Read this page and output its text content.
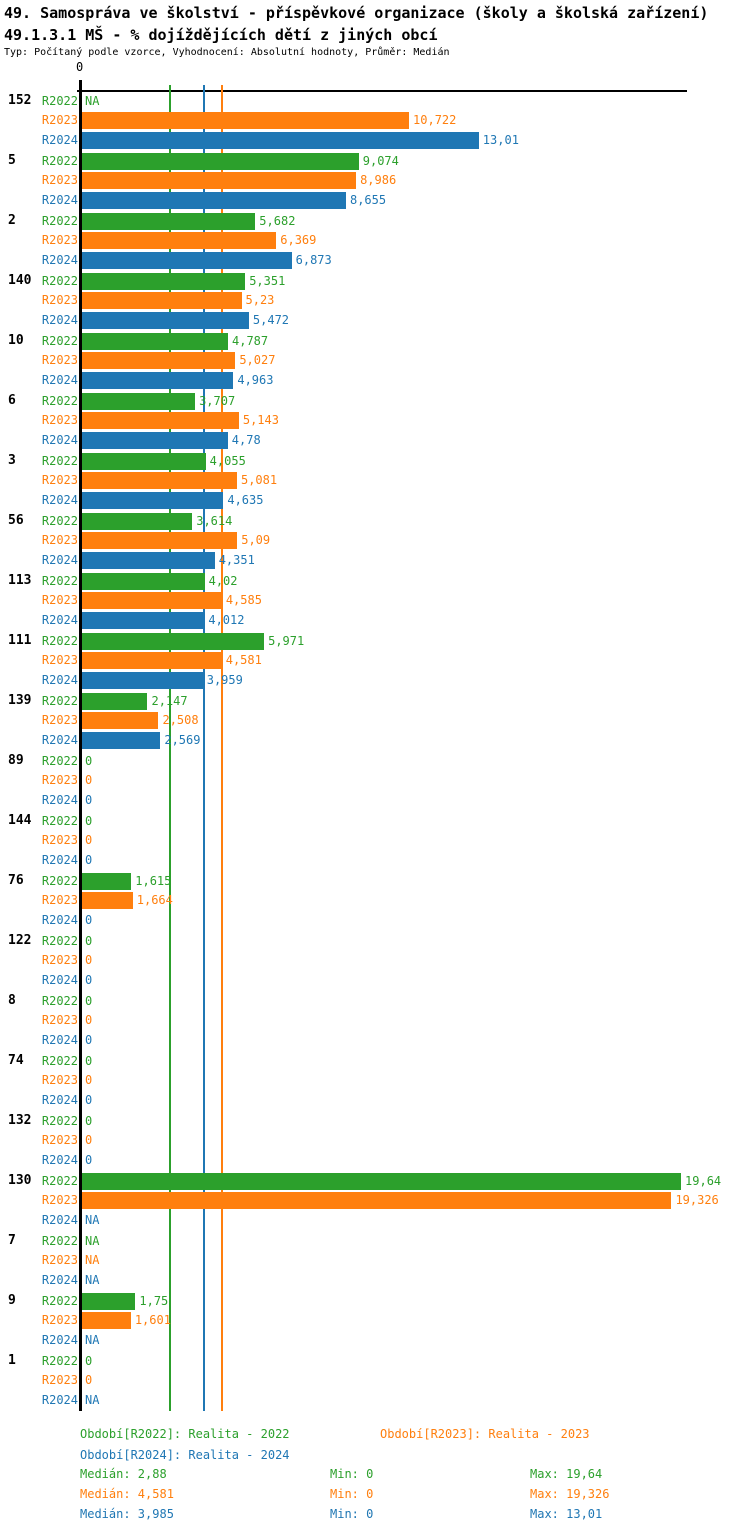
49. Samospráva ve školství - příspěvkové organizace (školy a školská zařízení)
49.1.3.1 MŠ - % dojíždějících dětí z jiných obcí
Typ: Počítaný podle vzorce, Vyhodnocení: Absolutní hodnoty, Průměr: Medián
0
152 R2022 NA
R2023	10,722
R2024	13,01
5	R2022	9,074
R2023	8,986
R2024	8,655
2	R2022	5,682
R2023	6,369
R2024	6,873
140 R2022	5,351
R2023	5,23
R2024	5,472
10	R2022	4,787
R2023	5,027
R2024	4,963
6	R2022	3,707
R2023	5,143
R2024	4,78
3	R2022	4,055
R2023	5,081
R2024	4,635
56	R2022	3,614
R2023	5,09
R2024	4,351
113 R2022	4,02
R2023	4,585
R2024	4,012
111 R2022	5,971
R2023	4,581
R2024	3,959
139 R2022	2,147
R2023	2,508
R2024	2,569
89	R2022 0
R2023 0
R2024 0
144 R2022 0
R2023 0
R2024 0
76	R2022	1,615
R2023	1,664
R2024 0
122 R2022 0
R2023 0
R2024 0
8	R2022 0
R2023 0
R2024 0
74	R2022 0
R2023 0
R2024 0
132 R2022 0
R2023 0
R2024 0
130 R2022	19,64
R2023	19,326
R2024 NA
7	R2022 NA
R2023 NA
R2024 NA
9	R2022	1,75
R2023	1,601
R2024 NA
1	R2022 0
R2023 0
R2024 NA
Období[R2022]: Realita - 2022	Období[R2023]: Realita - 2023
Období[R2024]: Realita - 2024
Medián: 2,88	Min: 0	Max: 19,64
Medián: 4,581	Min: 0	Max: 19,326
Medián: 3,985	Min: 0	Max: 13,01
